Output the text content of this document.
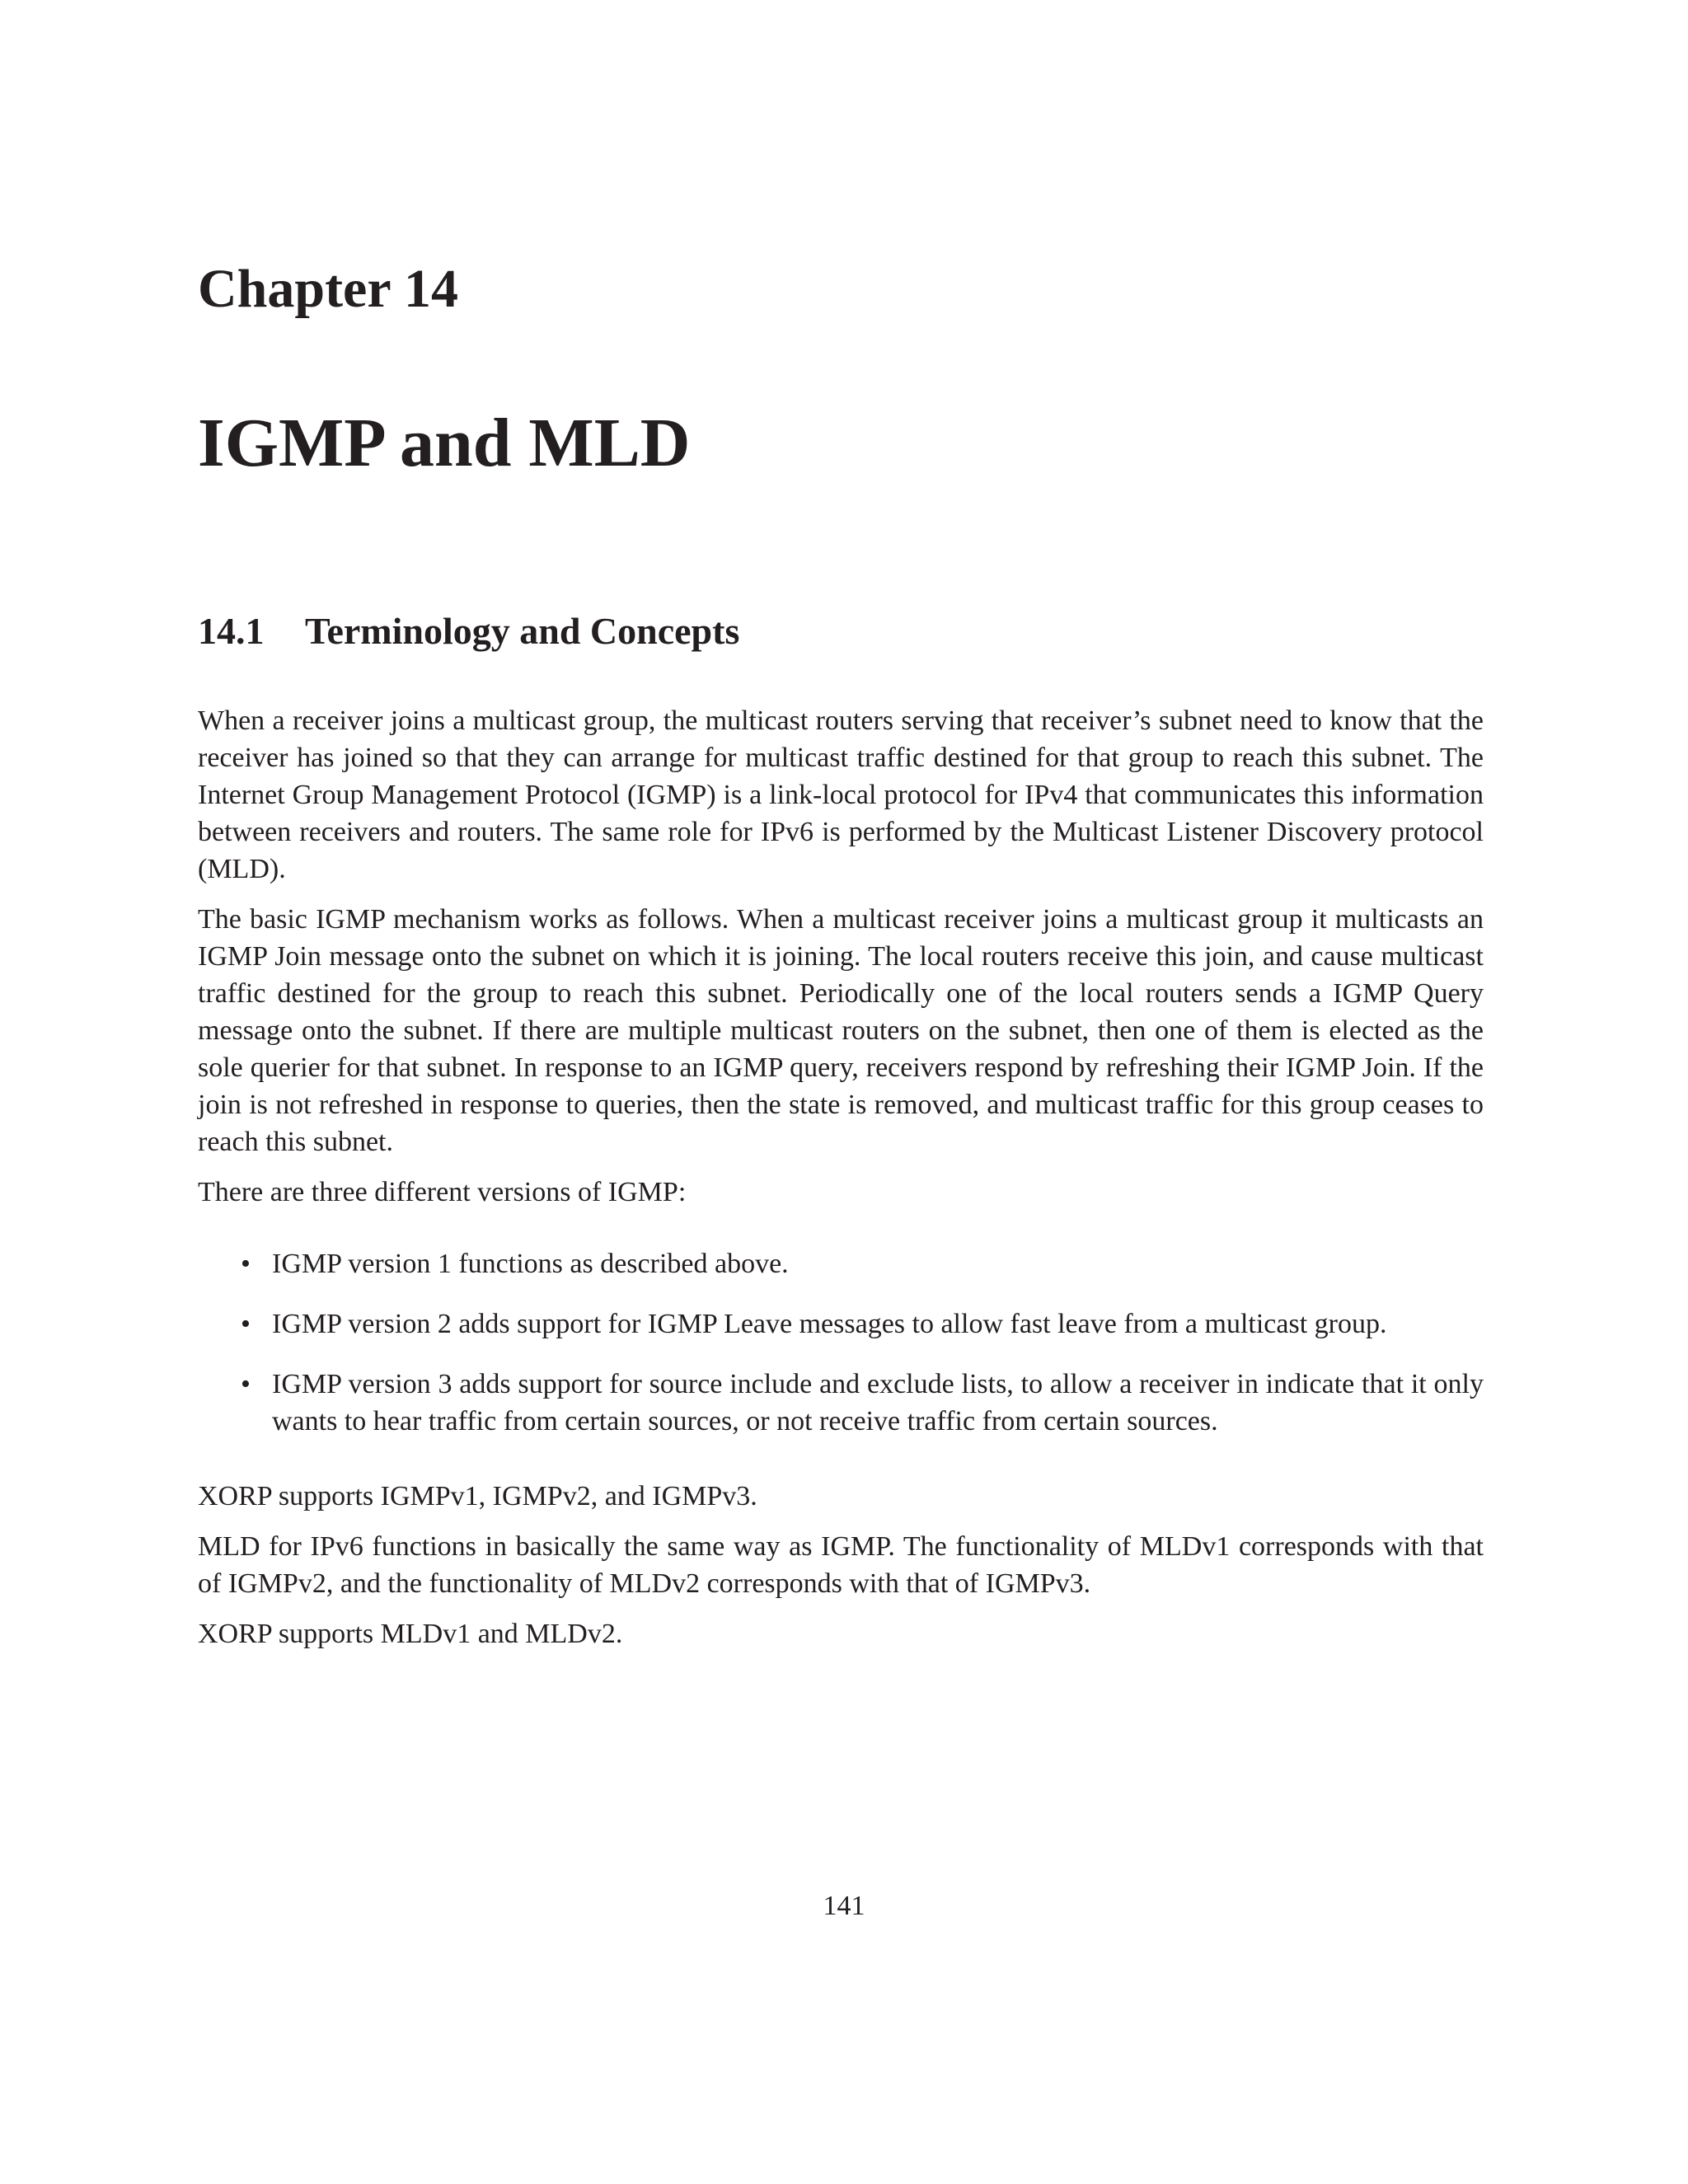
Chapter 14
IGMP and MLD
14.1 Terminology and Concepts

When a receiver joins a multicast group, the multicast routers serving that receiver’s subnet need to know that the receiver has joined so that they can arrange for multicast traffic destined for that group to reach this subnet. The Internet Group Management Protocol (IGMP) is a link-local protocol for IPv4 that communicates this information between receivers and routers. The same role for IPv6 is performed by the Multicast Listener Discovery protocol (MLD).

The basic IGMP mechanism works as follows. When a multicast receiver joins a multicast group it multicasts an IGMP Join message onto the subnet on which it is joining. The local routers receive this join, and cause multicast traffic destined for the group to reach this subnet. Periodically one of the local routers sends a IGMP Query message onto the subnet. If there are multiple multicast routers on the subnet, then one of them is elected as the sole querier for that subnet. In response to an IGMP query, receivers respond by refreshing their IGMP Join. If the join is not refreshed in response to queries, then the state is removed, and multicast traffic for this group ceases to reach this subnet.

There are three different versions of IGMP:

• IGMP version 1 functions as described above.
• IGMP version 2 adds support for IGMP Leave messages to allow fast leave from a multicast group.
• IGMP version 3 adds support for source include and exclude lists, to allow a receiver in indicate that it only wants to hear traffic from certain sources, or not receive traffic from certain sources.

XORP supports IGMPv1, IGMPv2, and IGMPv3.

MLD for IPv6 functions in basically the same way as IGMP. The functionality of MLDv1 corresponds with that of IGMPv2, and the functionality of MLDv2 corresponds with that of IGMPv3.

XORP supports MLDv1 and MLDv2.

141
